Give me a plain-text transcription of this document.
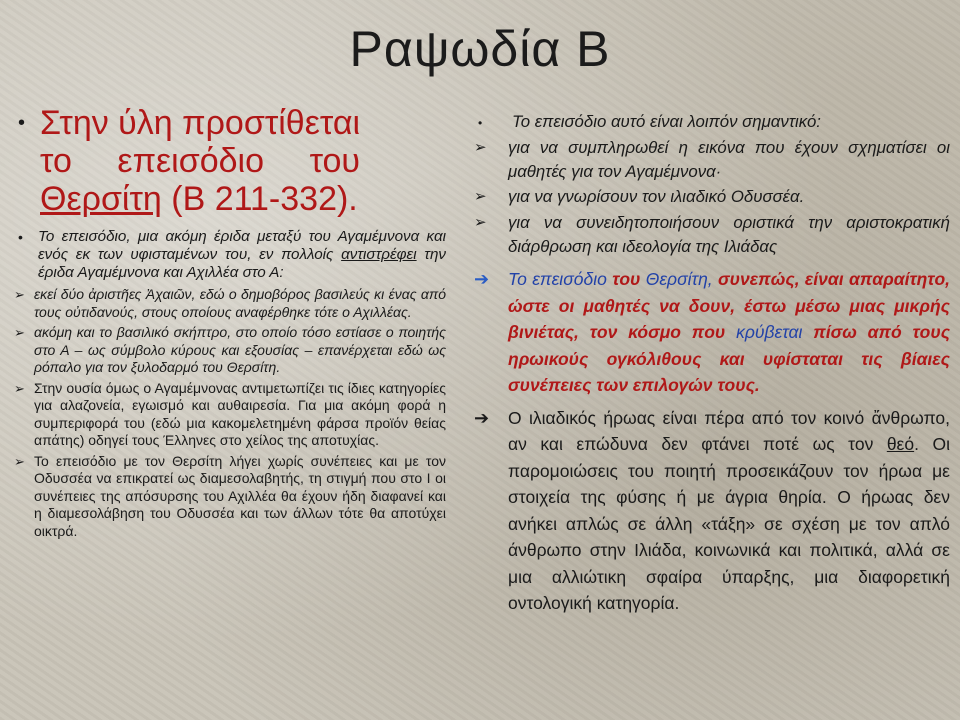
Ραψωδία Β
• Στην ύλη προστίθεται
το επεισόδιο του
Θερσίτη (Β 211-332).
• Το επεισόδιο, μια ακόμη έριδα μεταξύ του Αγαμέμνονα και ενός εκ των υφισταμένων του, εν πολλοίς αντιστρέφει την έριδα Αγαμέμνονα και Αχιλλέα στο Α:
➢ εκεί δύο ἀριστῆες Ἀχαιῶν, εδώ ο δημοβόρος βασιλεύς κι ένας από τους οὐτιδανούς, στους οποίους αναφέρθηκε τότε ο Αχιλλέας.
➢ ακόμη και το βασιλικό σκήπτρο, στο οποίο τόσο εστίασε ο ποιητής στο Α – ως σύμβολο κύρους και εξουσίας – επανέρχεται εδώ ως ρόπαλο για τον ξυλοδαρμό του Θερσίτη.
➢ Στην ουσία όμως ο Αγαμέμνονας αντιμετωπίζει τις ίδιες κατηγορίες για αλαζονεία, εγωισμό και αυθαιρεσία. Για μια ακόμη φορά η συμπεριφορά του (εδώ μια κακομελετημένη φάρσα προϊόν θείας απάτης) οδηγεί τους Έλληνες στο χείλος της αποτυχίας.
➢ Το επεισόδιο με τον Θερσίτη λήγει χωρίς συνέπειες και με τον Οδυσσέα να επικρατεί ως διαμεσολαβητής, τη στιγμή που στο Ι οι συνέπειες της απόσυρσης του Αχιλλέα θα έχουν ήδη διαφανεί και η διαμεσολάβηση του Οδυσσέα και των άλλων τότε θα αποτύχει οικτρά.
•	Το επεισόδιο αυτό είναι λοιπόν σημαντικό:
➢	για να συμπληρωθεί η εικόνα που έχουν σχηματίσει οι μαθητές για τον Αγαμέμνονα·
➢	για να γνωρίσουν τον ιλιαδικό Οδυσσέα.
➢	για να συνειδητοποιήσουν οριστικά την αριστοκρατική διάρθρωση και ιδεολογία της Ιλιάδας
➔	Το επεισόδιο του Θερσίτη, συνεπώς, είναι απαραίτητο, ώστε οι μαθητές να δουν, έστω μέσω μιας μικρής βινιέτας, τον κόσμο που κρύβεται πίσω από τους ηρωικούς ογκόλιθους και υφίσταται τις βίαιες συνέπειες των επιλογών τους.
➔	Ο ιλιαδικός ήρωας είναι πέρα από τον κοινό ἄνθρωπο, αν και επώδυνα δεν φτάνει ποτέ ως τον θεό. Οι παρομοιώσεις του ποιητή προσεικάζουν τον ήρωα με στοιχεία της φύσης ή με άγρια θηρία. Ο ήρωας δεν ανήκει απλώς σε άλλη «τάξη» σε σχέση με τον απλό άνθρωπο στην Ιλιάδα, κοινωνικά και πολιτικά, αλλά σε μια αλλιώτικη σφαίρα ύπαρξης, μια διαφορετική οντολογική κατηγορία.
